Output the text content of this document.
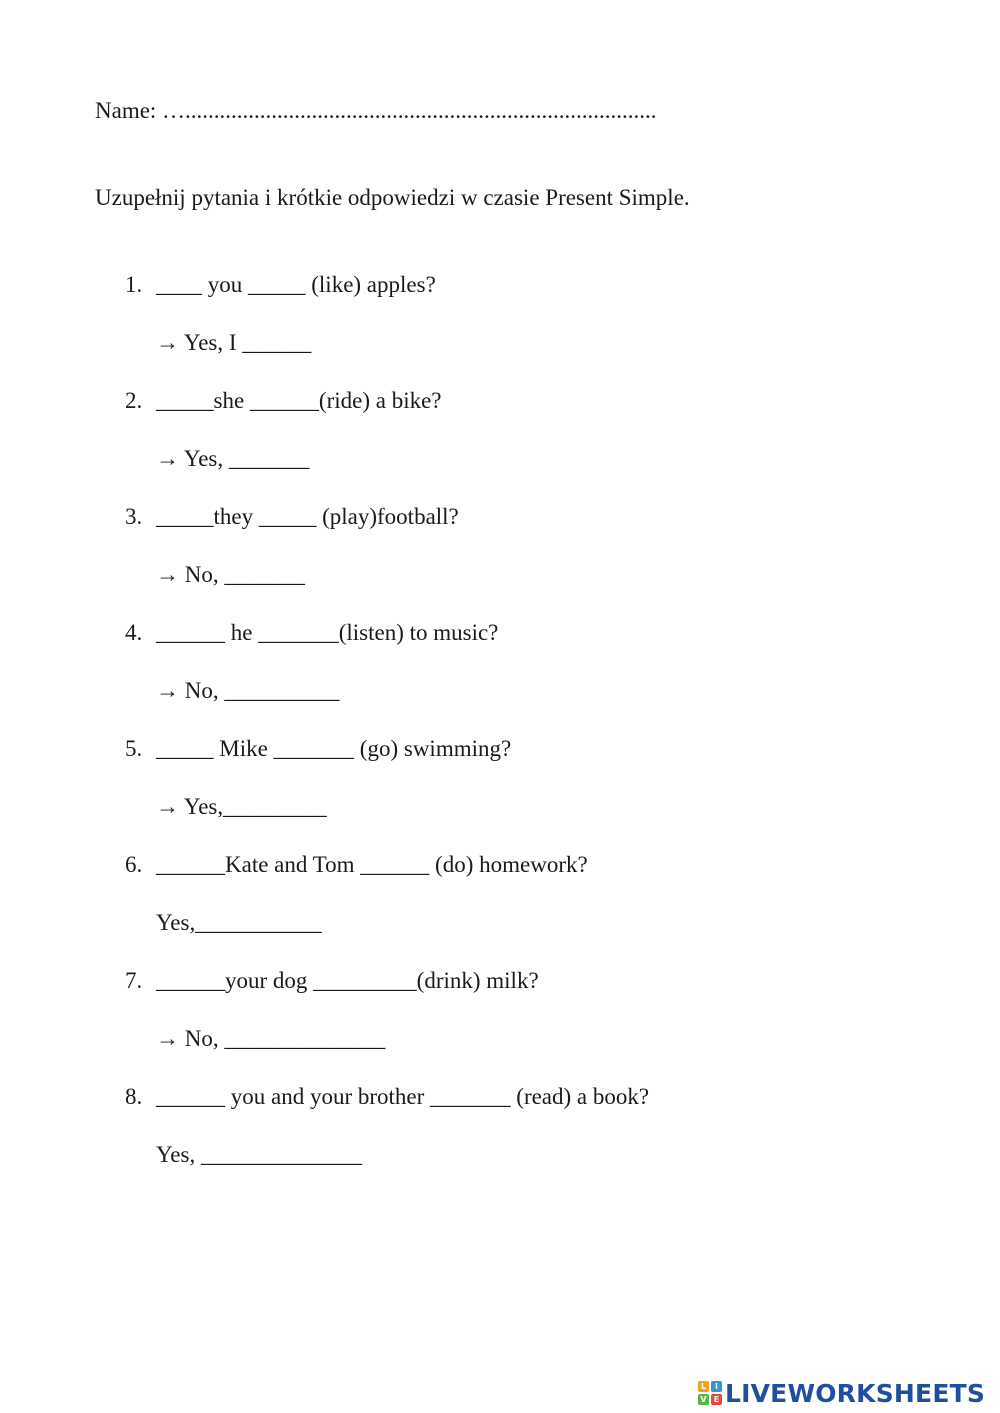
Name: …..................................................................................
Uzupełnij pytania i krótkie odpowiedzi w czasie Present Simple.
1. ____ you _____ (like) apples?
→ Yes, I ______
2. _____she ______(ride) a bike?
→ Yes, _______
3. _____they _____ (play)football?
→ No, _______
4. ______ he _______(listen) to music?
→ No, __________
5. _____ Mike _______ (go) swimming?
→ Yes,_________
6. ______Kate and Tom ______ (do) homework?
Yes,___________
7. ______your dog _________(drink) milk?
→ No, ______________
8. ______ you and your brother _______ (read) a book?
Yes, ______________
L	I
V E LIVEWORKSHEETS
